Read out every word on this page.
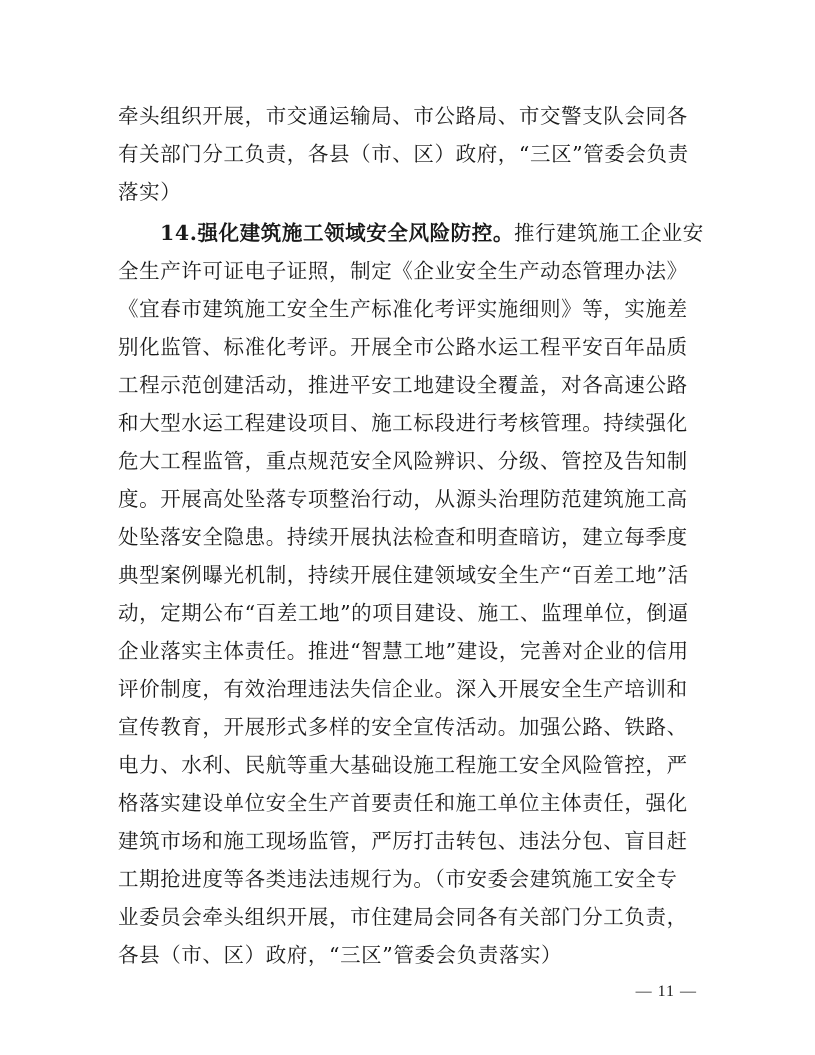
牵头组织开展，市交通运输局、市公路局、市交警支队会同各
有关部门分工负责，各县（市、区）政府，“三区”管委会负责
落实）
14.强化建筑施工领域安全风险防控。推行建筑施工企业安
全生产许可证电子证照，制定《企业安全生产动态管理办法》
《宜春市建筑施工安全生产标准化考评实施细则》等，实施差
别化监管、标准化考评。开展全市公路水运工程平安百年品质
工程示范创建活动，推进平安工地建设全覆盖，对各高速公路
和大型水运工程建设项目、施工标段进行考核管理。持续强化
危大工程监管，重点规范安全风险辨识、分级、管控及告知制
度。开展高处坠落专项整治行动，从源头治理防范建筑施工高
处坠落安全隐患。持续开展执法检查和明查暗访，建立每季度
典型案例曝光机制，持续开展住建领域安全生产“百差工地”活
动，定期公布“百差工地”的项目建设、施工、监理单位，倒逼
企业落实主体责任。推进“智慧工地”建设，完善对企业的信用
评价制度，有效治理违法失信企业。深入开展安全生产培训和
宣传教育，开展形式多样的安全宣传活动。加强公路、铁路、
电力、水利、民航等重大基础设施工程施工安全风险管控，严
格落实建设单位安全生产首要责任和施工单位主体责任，强化
建筑市场和施工现场监管，严厉打击转包、违法分包、盲目赶
工期抢进度等各类违法违规行为。（市安委会建筑施工安全专
业委员会牵头组织开展，市住建局会同各有关部门分工负责，
各县（市、区）政府，“三区”管委会负责落实）
— 11 —
